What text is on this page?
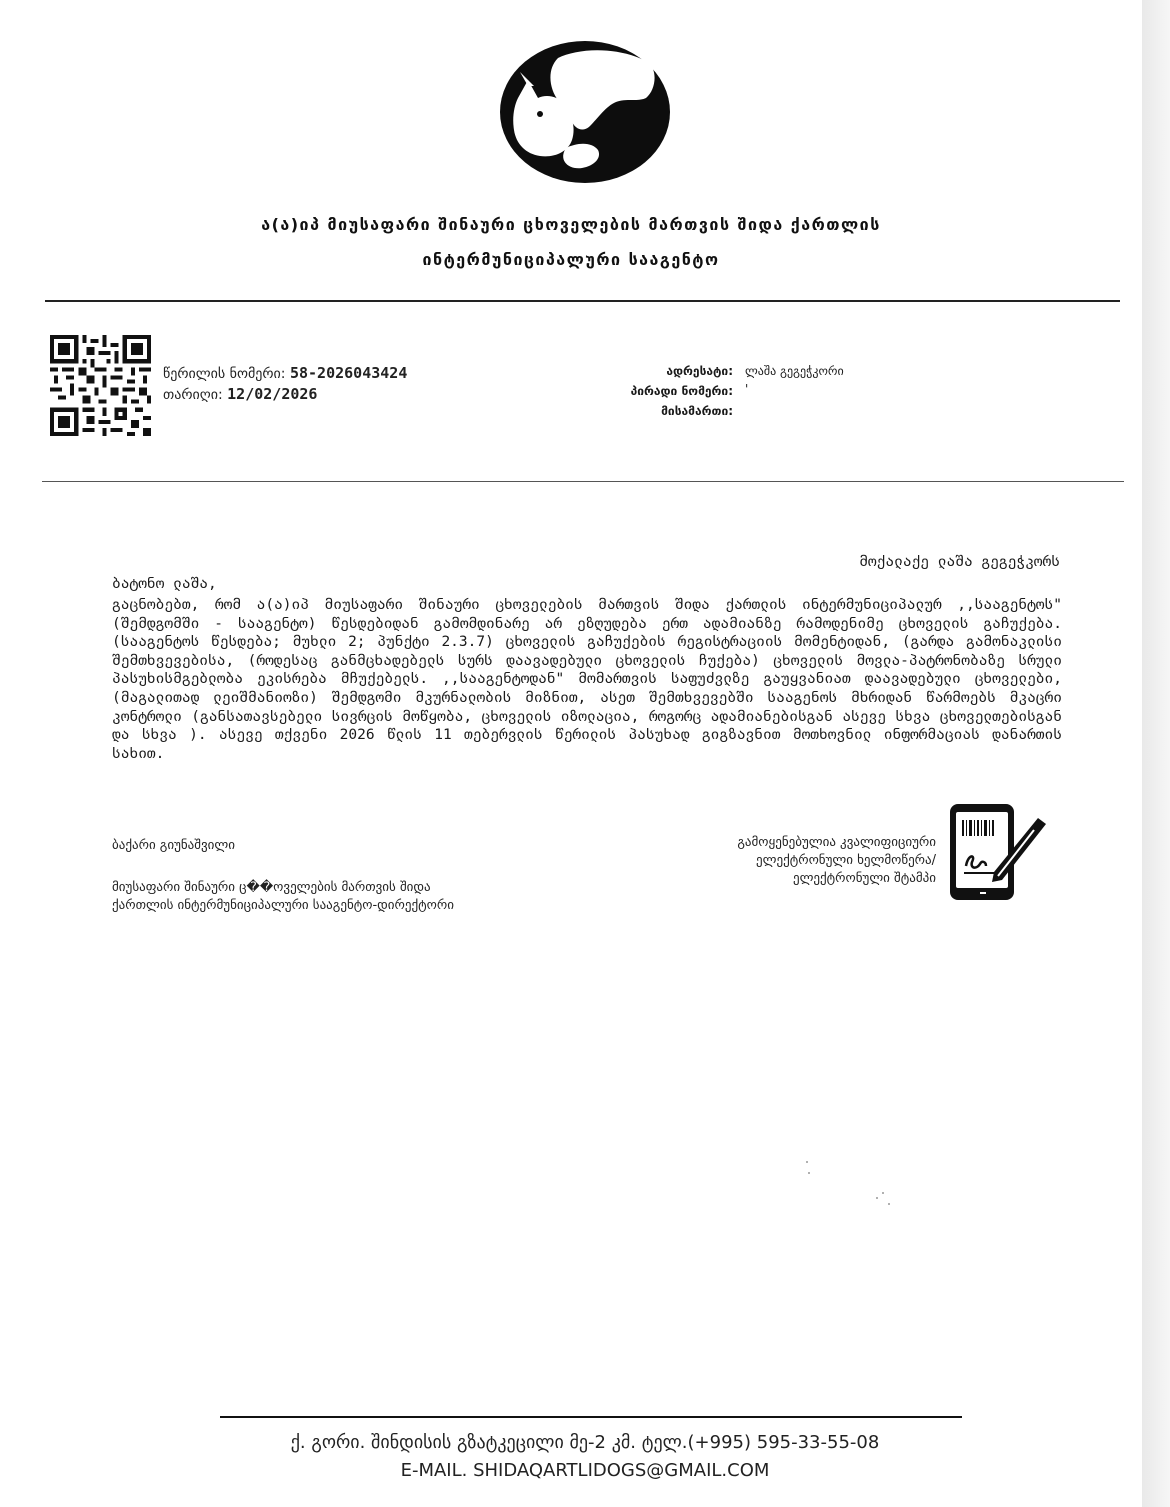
ა(ა)იპ მიუსაფარი შინაური ცხოველების მართვის შიდა ქართლის
ინტერმუნიციპალური სააგენტო
წერილის ნომერი: 58-2026043424
თარიღი: 12/02/2026
ადრესატი: ლაშა გეგეჭკორი
პირადი ნომერი: '
მისამართი:
მოქალაქე ლაშა გეგეჭკორს
ბატონო ლაშა,
გაცნობებთ, რომ ა(ა)იპ მიუსაფარი შინაური ცხოველების მართვის შიდა ქართლის ინტერმუნიციპალურ ,,სააგენტოს" (შემდგომში - სააგენტო) წესდებიდან გამომდინარე არ ეზღუდება ერთ ადამიანზე რამოდენიმე ცხოველის გაჩუქება. (სააგენტოს წესდება; მუხლი 2; პუნქტი 2.3.7) ცხოველის გაჩუქების რეგისტრაციის მომენტიდან, (გარდა გამონაკლისი შემთხვევებისა, (როდესაც განმცხადებელს სურს დაავადებული ცხოველის ჩუქება) ცხოველის მოვლა-პატრონობაზე სრული პასუხისმგებლობა ეკისრება მჩუქებელს. ,,სააგენტოდან" მომართვის საფუძვლზე გაუყვანიათ დაავადებული ცხოველები, (მაგალითად ლეიშმანიოზი) შემდგომი მკურნალობის მიზნით, ასეთ შემთხვევებში სააგენოს მხრიდან წარმოებს მკაცრი კონტროლი (განსათავსებელი სივრცის მოწყობა, ცხოველის იზოლაცია, როგორც ადამიანებისგან ასევე სხვა ცხოველთებისგან და სხვა ). ასევე თქვენი 2026 წლის 11 თებერვლის წერილის პასუხად გიგზავნით მოთხოვნილ ინფორმაციას დანართის სახით.
ბაქარი გიუნაშვილი
მიუსაფარი შინაური ც��ოველების მართვის შიდა
ქართლის ინტერმუნიციპალური სააგენტო-დირექტორი
გამოყენებულია კვალიფიციური
ელექტრონული ხელმოწერა/
ელექტრონული შტამპი
ქ. გორი. შინდისის გზატკეცილი მე-2 კმ. ტელ.(+995) 595-33-55-08
E-MAIL. SHIDAQARTLIDOGS@GMAIL.COM
